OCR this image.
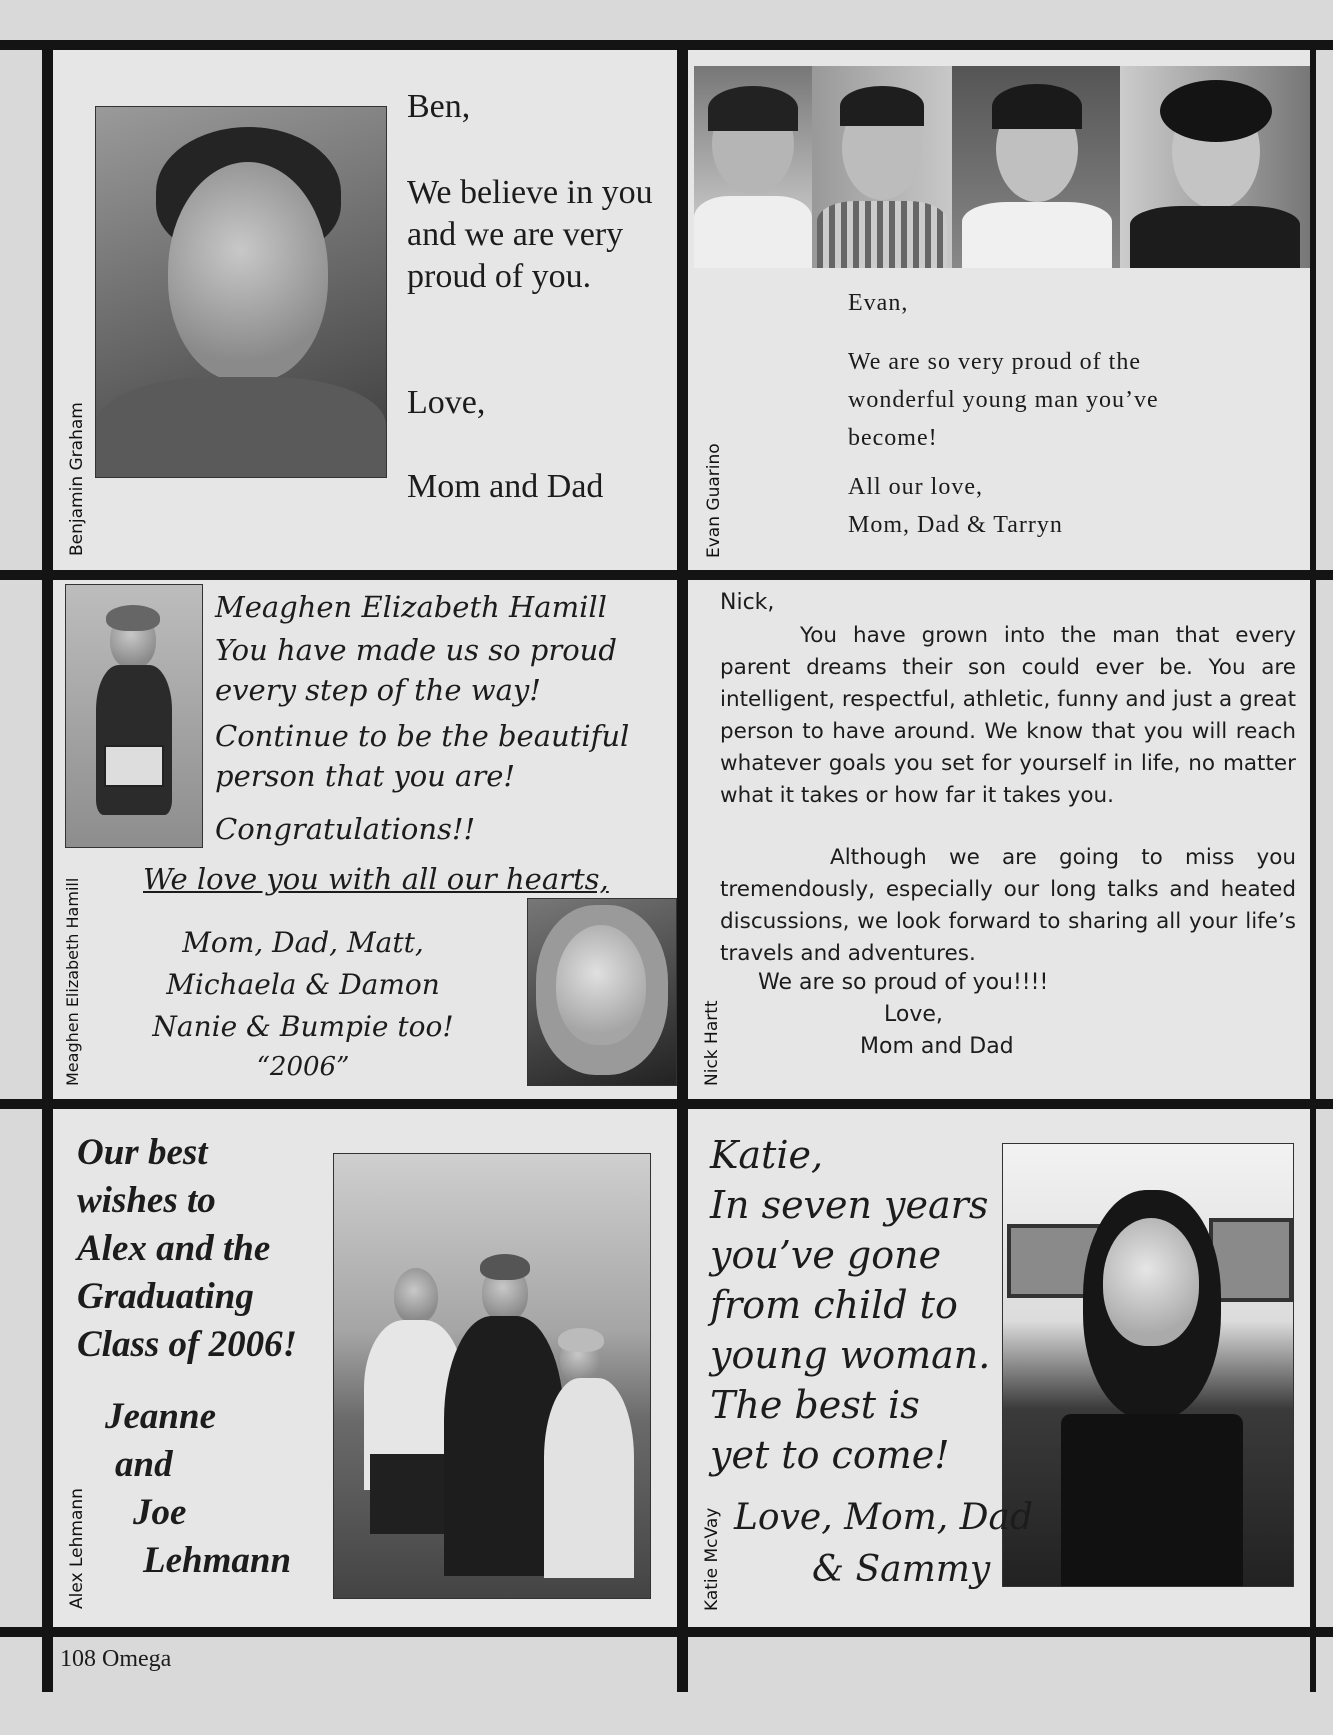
Benjamin Graham

Ben,

We believe in you and we are very proud of you.

Love,

Mom and Dad	Evan Guarino

Evan,

We are so very proud of the wonderful young man you’ve become!

All our love,

Mom, Dad & Tarryn

Meaghen Elizabeth Hamill

Meaghen Elizabeth Hamill

You have made us so proud every step of the way!

Continue to be the beautiful person that you are!

Congratulations!!

We love you with all our hearts,

Mom, Dad, Matt,

Michaela & Damon

Nanie & Bumpie too!

“2006”	Nick Hartt

Nick,

You have grown into the man that every parent dreams their son could ever be. You are intelligent, respectful, athletic, funny and just a great person to have around. We know that you will reach whatever goals you set for yourself in life, no matter what it takes or how far it takes you.

Although we are going to miss you tremendously, especially our long talks and heated discussions, we look forward to sharing all your life’s travels and adventures.

We are so proud of you!!!!

Love,

Mom and Dad

Alex Lehmann

Our best

wishes to

Alex and the

Graduating

Class of 2006!

Jeanne

and

Joe

Lehmann	Katie McVay

Katie,

In seven years

you’ve gone

from child to

young woman.

The best is

yet to come!

Love, Mom, Dad

& Sammy

108 Omega
